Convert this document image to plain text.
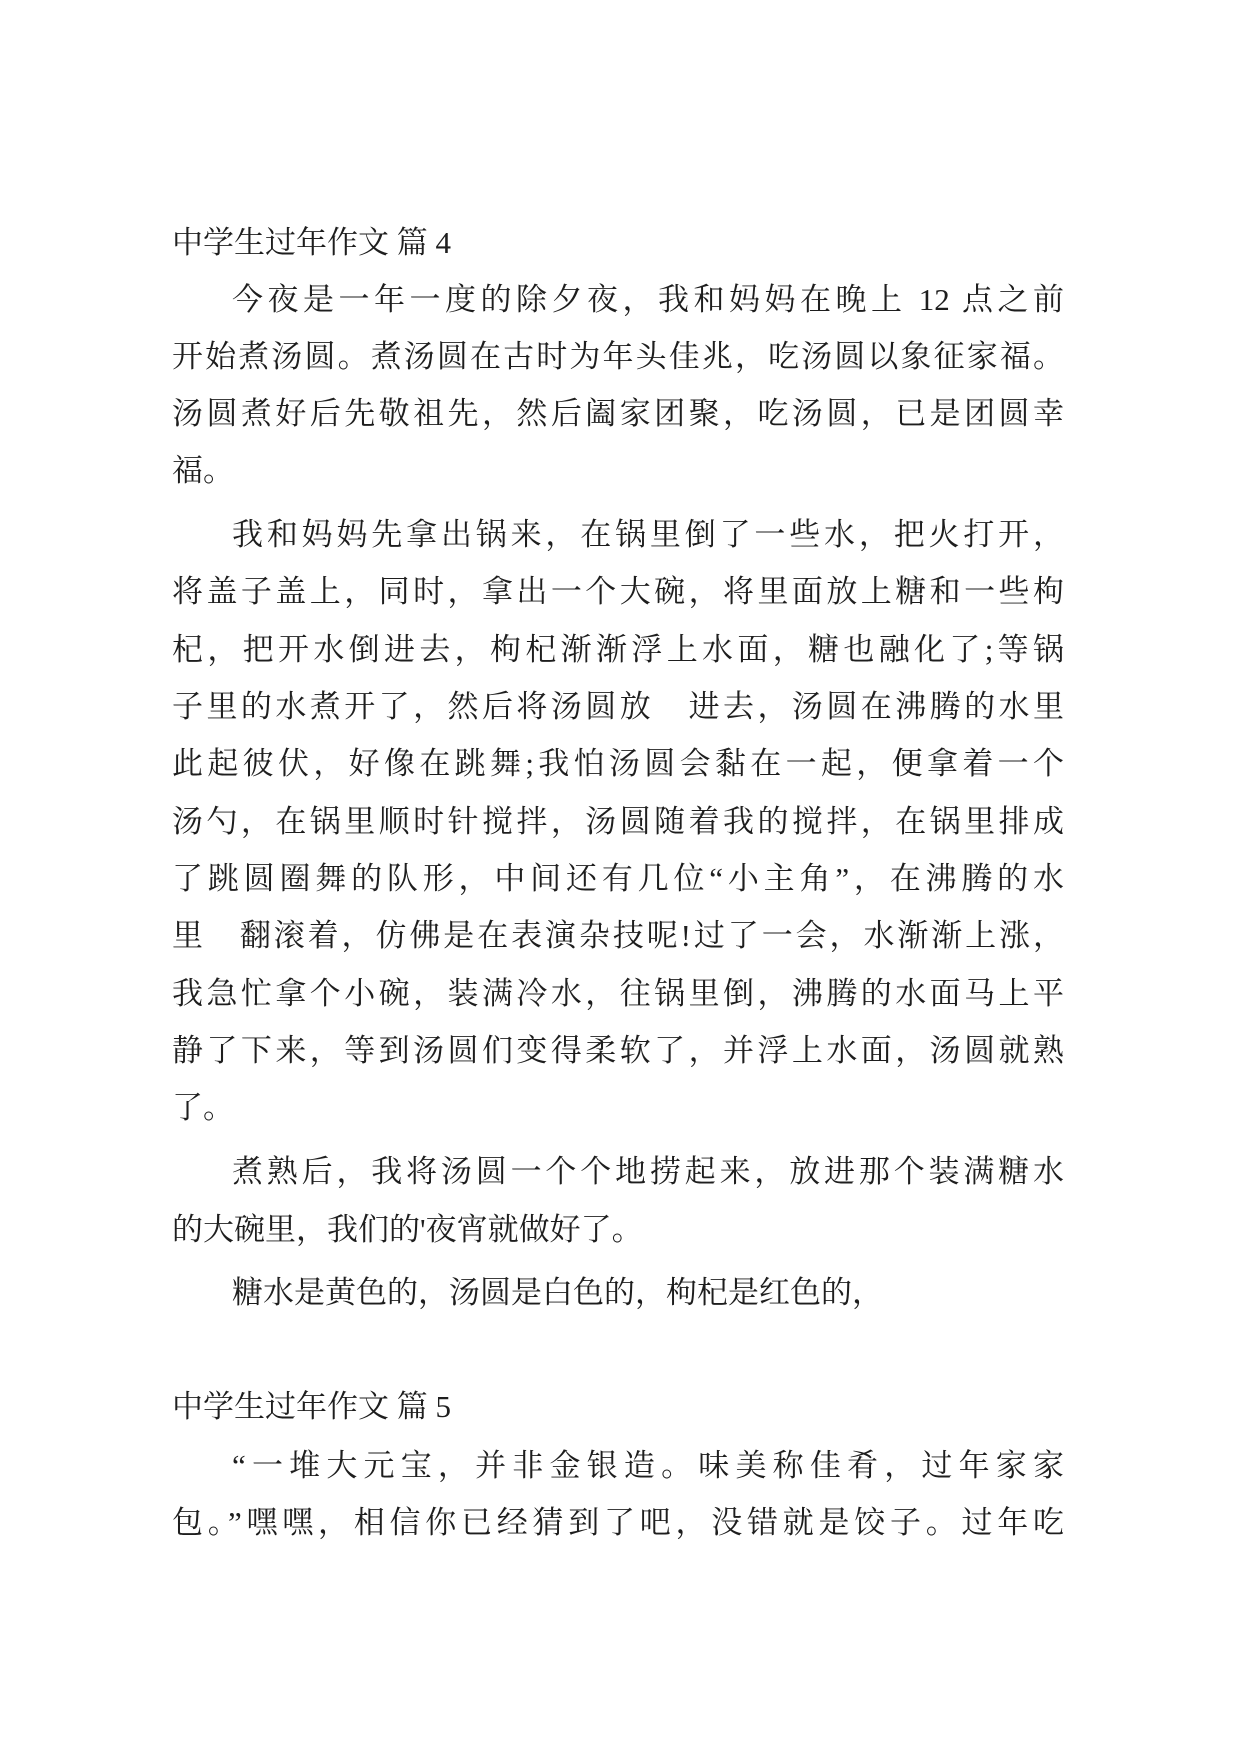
中学生过年作文 篇 4
今夜是一年一度的除夕夜，我和妈妈在晚上 12 点之前
开始煮汤圆。煮汤圆在古时为年头佳兆，吃汤圆以象征家福。
汤圆煮好后先敬祖先，然后阖家团聚，吃汤圆，已是团圆幸
福。
我和妈妈先拿出锅来，在锅里倒了一些水，把火打开，
将盖子盖上，同时，拿出一个大碗，将里面放上糖和一些枸
杞，把开水倒进去，枸杞渐渐浮上水面，糖也融化了;等锅
子里的水煮开了，然后将汤圆放　进去，汤圆在沸腾的水里
此起彼伏，好像在跳舞;我怕汤圆会黏在一起，便拿着一个
汤勺，在锅里顺时针搅拌，汤圆随着我的搅拌，在锅里排成
了跳圆圈舞的队形，中间还有几位“小主角”，在沸腾的水
里　翻滚着，仿佛是在表演杂技呢!过了一会，水渐渐上涨，
我急忙拿个小碗，装满冷水，往锅里倒，沸腾的水面马上平
静了下来，等到汤圆们变得柔软了，并浮上水面，汤圆就熟
了。
煮熟后，我将汤圆一个个地捞起来，放进那个装满糖水
的大碗里，我们的'夜宵就做好了。
糖水是黄色的，汤圆是白色的，枸杞是红色的，
中学生过年作文 篇 5
“一堆大元宝，并非金银造。味美称佳肴，过年家家
包。”嘿嘿，相信你已经猜到了吧，没错就是饺子。过年吃
